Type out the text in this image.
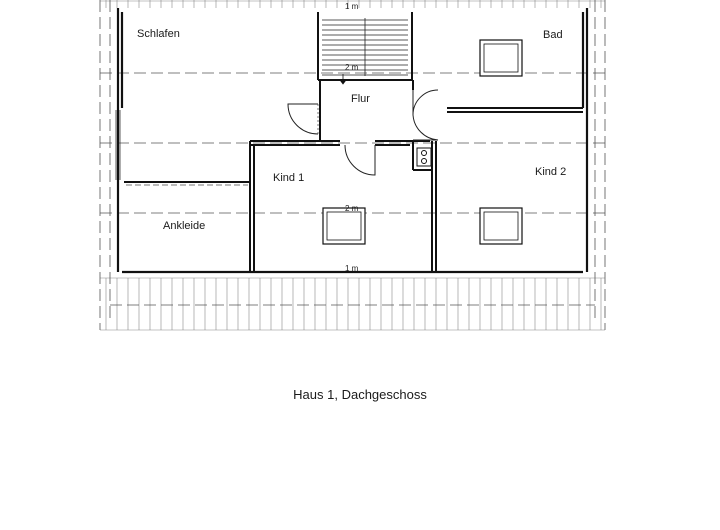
Schlafen	Bad
Flur
Kind 1	Kind 2
Ankleide
1 m
2 m
2 m
1 m
Haus 1, Dachgeschoss
